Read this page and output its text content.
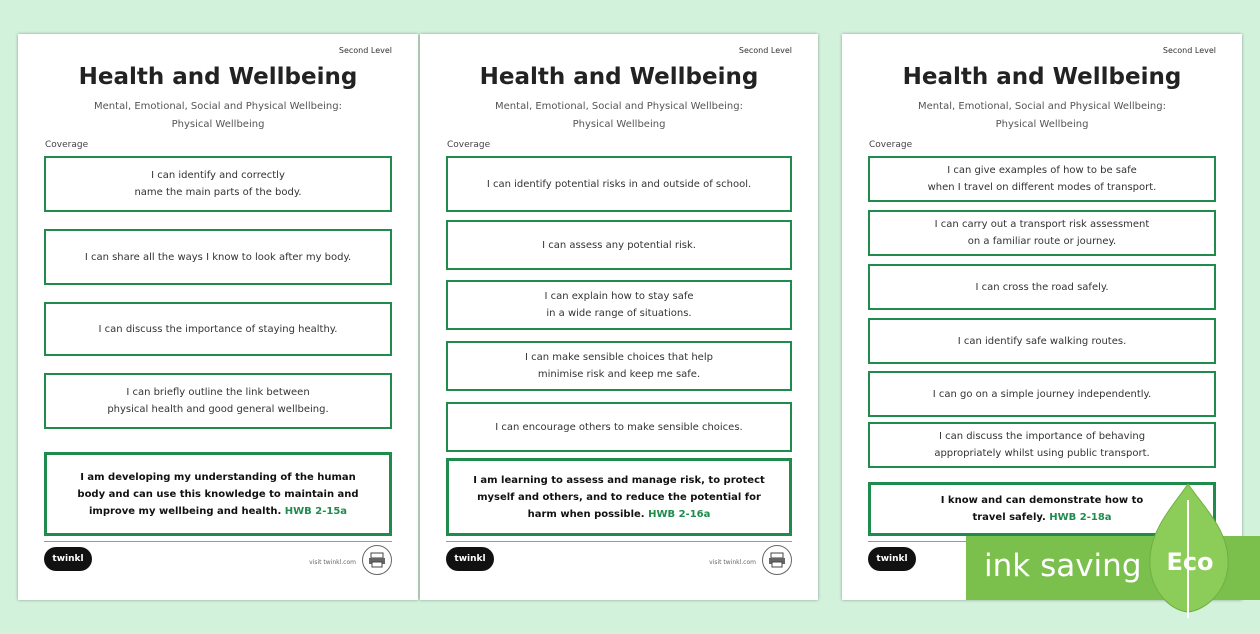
Second Level
Health and Wellbeing
Mental, Emotional, Social and Physical Wellbeing:
Physical Wellbeing
Coverage
I can identify and correctly
name the main parts of the body.
I can share all the ways I know to look after my body.
I can discuss the importance of staying healthy.
I can briefly outline the link between
physical health and good general wellbeing.
I am developing my understanding of the human body and can use this knowledge to maintain and improve my wellbeing and health. HWB 2-15a
twinkl	visit twinkl.com
Second Level
Health and Wellbeing
Mental, Emotional, Social and Physical Wellbeing:
Physical Wellbeing
Coverage
I can identify potential risks in and outside of school.
I can assess any potential risk.
I can explain how to stay safe
in a wide range of situations.
I can make sensible choices that help
minimise risk and keep me safe.
I can encourage others to make sensible choices.
I am learning to assess and manage risk, to protect myself and others, and to reduce the potential for harm when possible. HWB 2-16a
twinkl	visit twinkl.com
Second Level
Health and Wellbeing
Mental, Emotional, Social and Physical Wellbeing:
Physical Wellbeing
Coverage
I can give examples of how to be safe
when I travel on different modes of transport.
I can carry out a transport risk assessment
on a familiar route or journey.
I can cross the road safely.
I can identify safe walking routes.
I can go on a simple journey independently.
I can discuss the importance of behaving
appropriately whilst using public transport.
I know and can demonstrate how to travel safely. HWB 2-18a
twinkl ink saving	Eco
